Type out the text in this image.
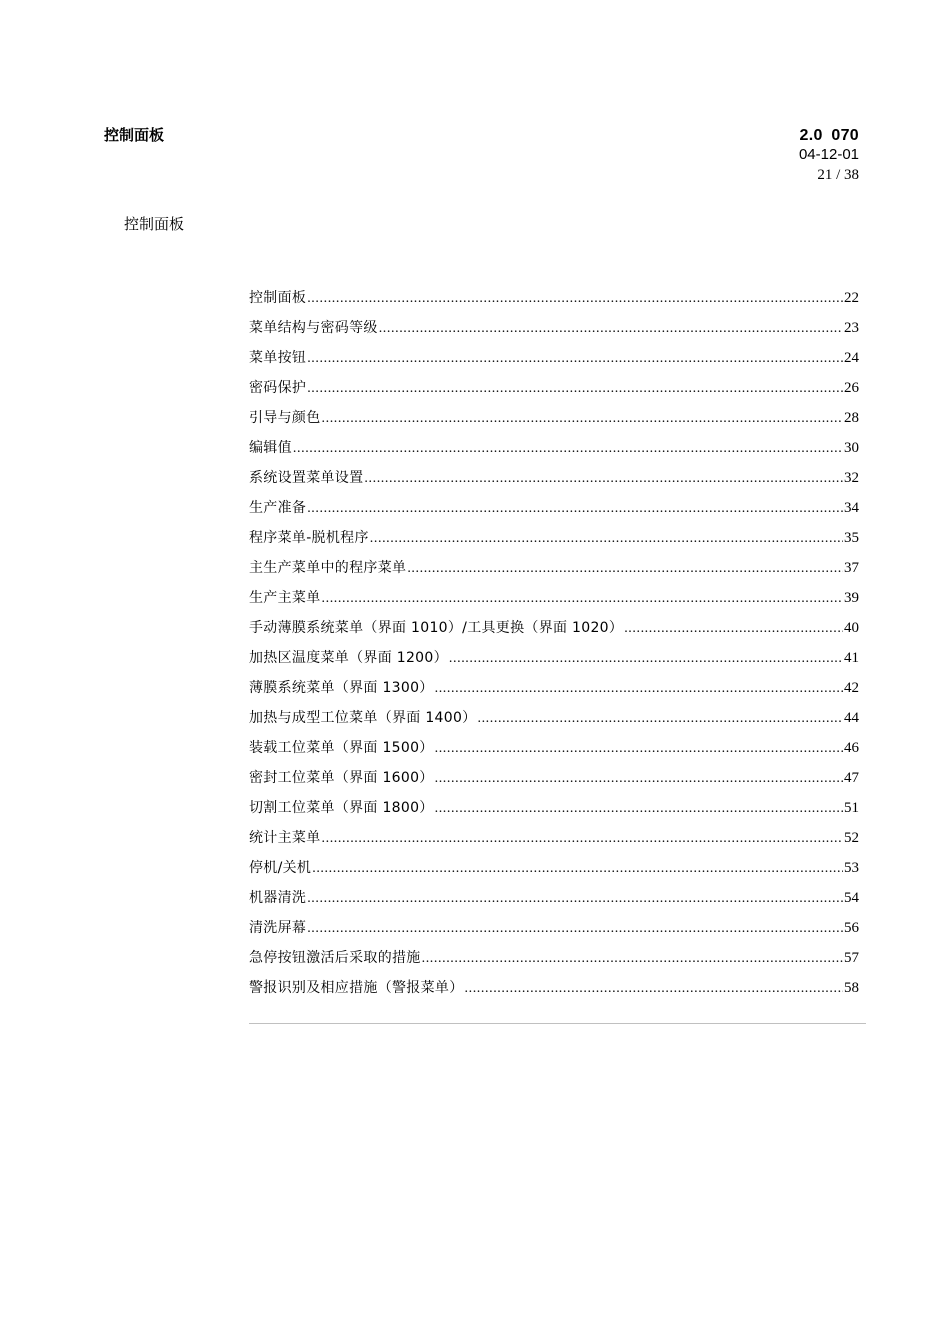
控制面板	2.0 070
04-12-01
21 / 38
控制面板
控制面板 .....	22
菜单结构与密码等级 .....	23
菜单按钮 .....	24
密码保护 .....	26
引导与颜色 .....	28
编辑值 .....	30
系统设置菜单设置 .....	32
生产准备 .....	34
程序菜单-脱机程序 .....	35
主生产菜单中的程序菜单 .....	37
生产主菜单 .....	39
手动薄膜系统菜单（界面 1010）/工具更换（界面 1020） .....	40
加热区温度菜单（界面 1200） .....	41
薄膜系统菜单（界面 1300） .....	42
加热与成型工位菜单（界面 1400） .....	44
装载工位菜单（界面 1500） .....	46
密封工位菜单（界面 1600） .....	47
切割工位菜单（界面 1800） .....	51
统计主菜单 .....	52
停机/关机 .....	53
机器清洗 .....	54
清洗屏幕 .....	56
急停按钮激活后采取的措施 .....	57
警报识别及相应措施（警报菜单） .....	58
